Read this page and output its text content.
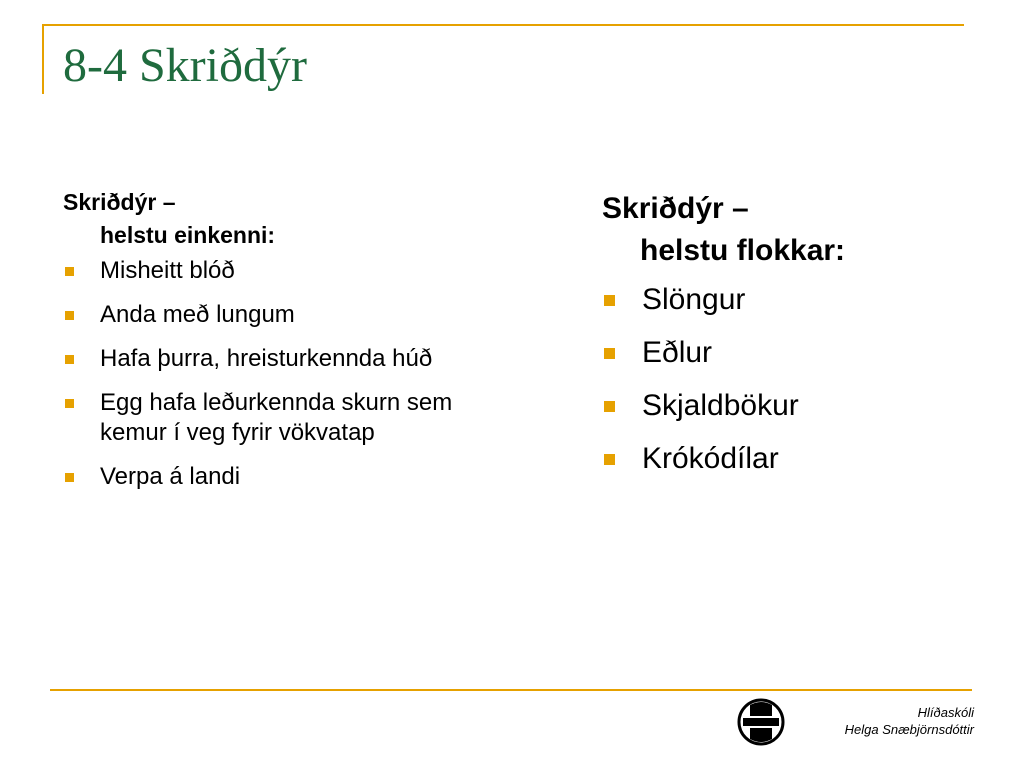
8-4 Skriðdýr
Skriðdýr –
helstu einkenni:
Misheitt blóð
Anda með lungum
Hafa þurra, hreisturkennda húð
Egg hafa leðurkennda skurn sem kemur í veg fyrir vökvatap
Verpa á landi
Skriðdýr –
helstu flokkar:
Slöngur
Eðlur
Skjaldbökur
Krókódílar
Hlíðaskóli
Helga Snæbjörnsdóttir
